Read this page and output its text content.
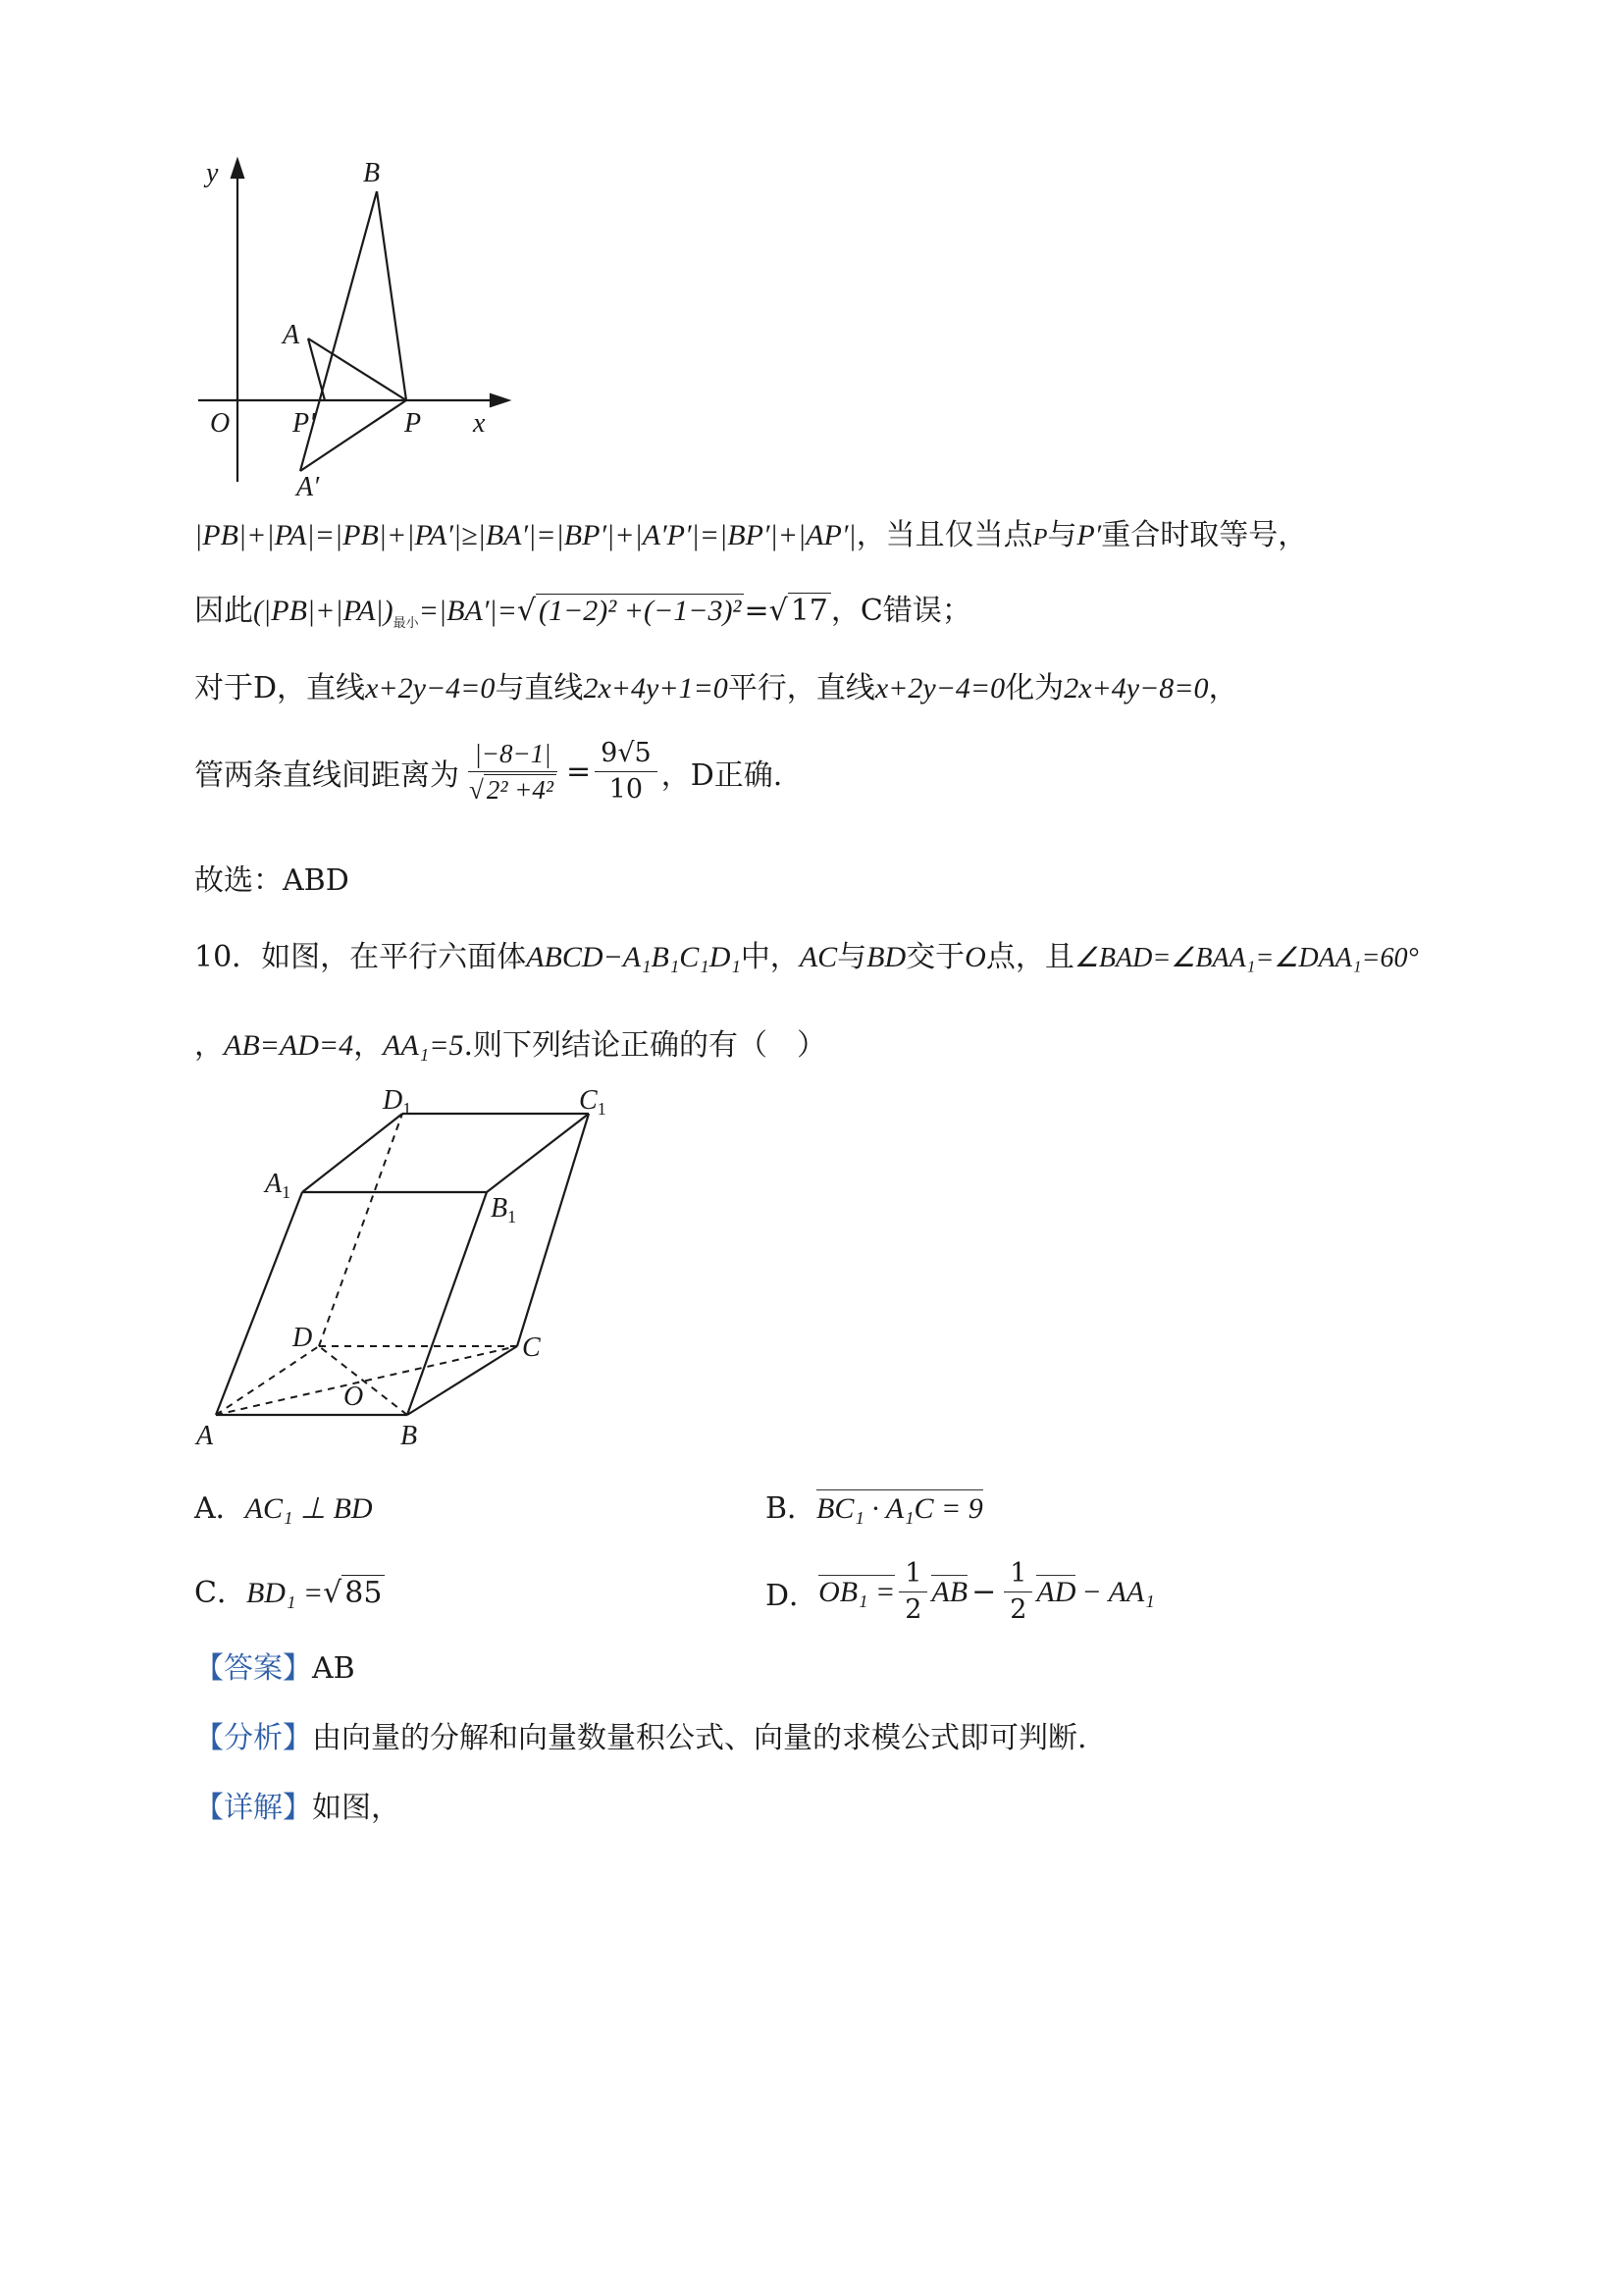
y
x
O
A
B
P
P′
A′
|PB|+|PA|=|PB|+|PA′|≥|BA′|=|BP′|+|A′P′|=|BP′|+|AP′|，当且仅当点P与P′重合时取等号，
因此$(|PB|+|PA|)_{最小}=|BA'|=√$ (1−2)² +(−1−3)² =√ 17 ，C错误；
对于D，直线x+2y−4=0与直线2x+4y+1=0平行，直线x+2y−4=0化为2x+4y−8=0，
管两条直线间距离为 $\frac{|-8-1|}{\text{√ 2² +4²}} = \frac{9√5}{10}$ ，D正确.
故选：ABD
10．如图，在平行六面体ABCD−A₁B₁C₁D₁中，AC与BD交于O点，且∠BAD=∠BAA₁=∠DAA₁=60°
，AB=AD=4，AA₁=5.则下列结论正确的有（　）
A	B
C
D
O
$A_1$
$B_1$
$C_1$
$D_1$
A．AC₁ ⊥ BD	B．BC₁ · A₁C = 9
C．BD₁ =√ 85	D． $OB_1 = \frac{1}{2}$ AB − $\frac{1}{2}$ AD − AA₁
【答案】AB
【分析】由向量的分解和向量数量积公式、向量的求模公式即可判断.
【详解】如图，
